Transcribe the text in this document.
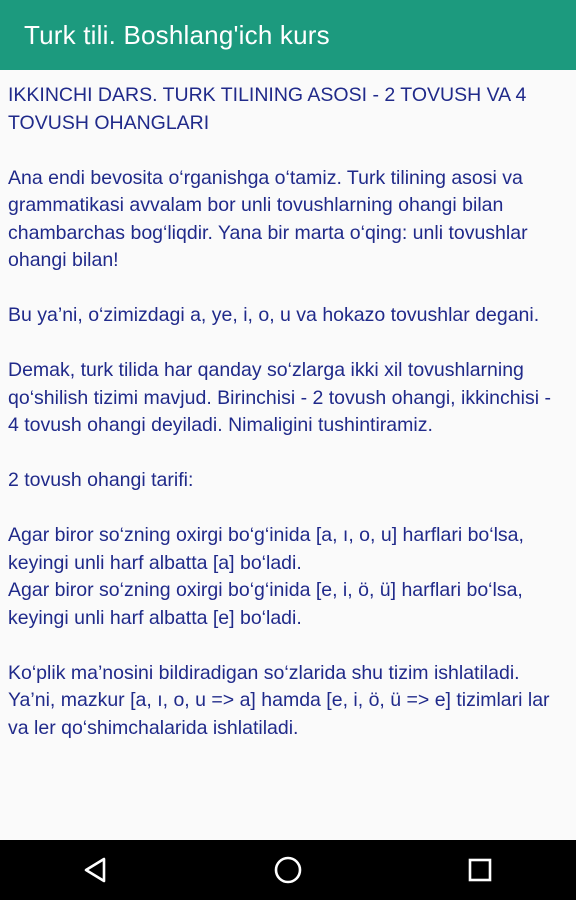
Turk tili. Boshlang'ich kurs

IKKINCHI DARS. TURK TILINING ASOSI - 2 TOVUSH VA 4 TOVUSH OHANGLARI

Ana endi bevosita o‘rganishga o‘tamiz. Turk tilining asosi va grammatikasi avvalam bor unli tovushlarning ohangi bilan chambarchas bog‘liqdir. Yana bir marta o‘qing: unli tovushlar ohangi bilan!

Bu ya’ni, o‘zimizdagi a, ye, i, o, u va hokazo tovushlar degani.

Demak, turk tilida har qanday so‘zlarga ikki xil tovushlarning qo‘shilish tizimi mavjud. Birinchisi - 2 tovush ohangi, ikkinchisi - 4 tovush ohangi deyiladi. Nimaligini tushintiramiz.

2 tovush ohangi tarifi:

Agar biror so‘zning oxirgi bo‘g‘inida [a, ı, o, u] harflari bo‘lsa, keyingi unli harf albatta [a] bo‘ladi.

Agar biror so‘zning oxirgi bo‘g‘inida [e, i, ö, ü] harflari bo‘lsa, keyingi unli harf albatta [e] bo‘ladi.

Ko‘plik ma’nosini bildiradigan so‘zlarida shu tizim ishlatiladi. Ya’ni, mazkur [a, ı, o, u => a] hamda [e, i, ö, ü => e] tizimlari lar va ler qo‘shimchalarida ishlatiladi.
